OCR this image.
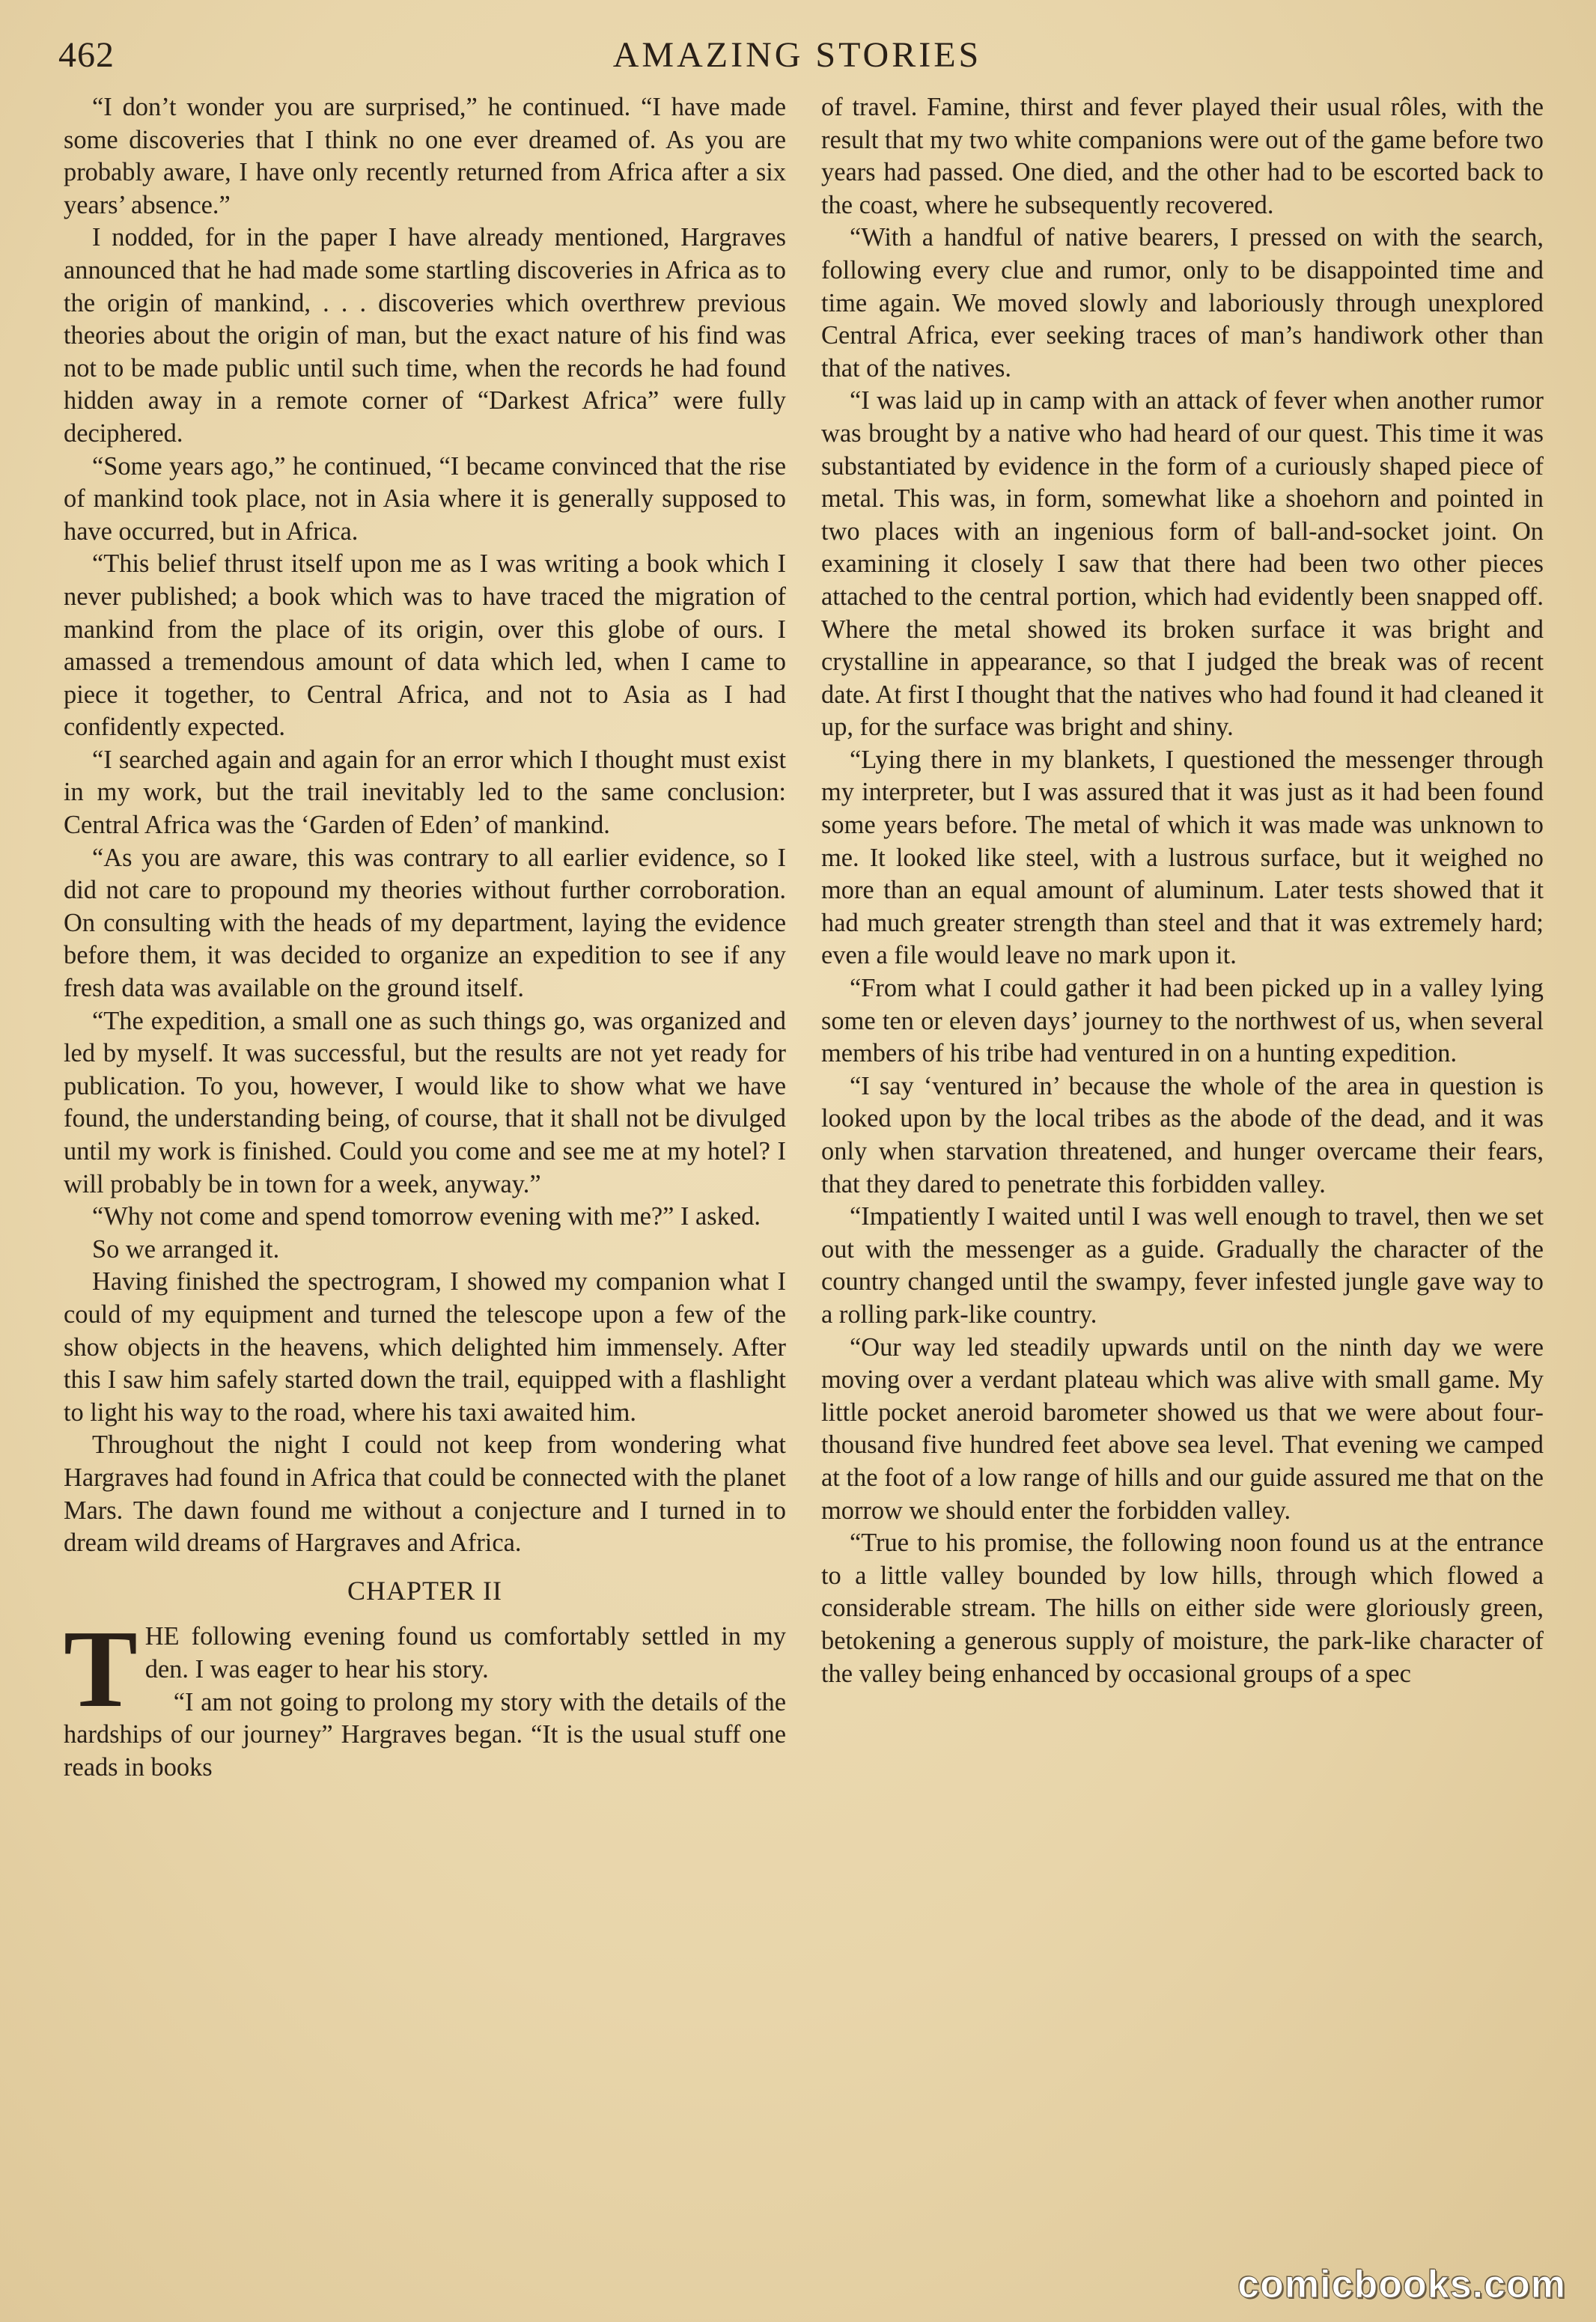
462	AMAZING STORIES

“I don’t wonder you are surprised,” he continued. “I have made some discoveries that I think no one ever dreamed of. As you are probably aware, I have only recently returned from Africa after a six years’ absence.”

I nodded, for in the paper I have already mentioned, Hargraves announced that he had made some startling discoveries in Africa as to the origin of mankind, . . . discoveries which overthrew previous theories about the origin of man, but the exact nature of his find was not to be made public until such time, when the records he had found hidden away in a remote corner of “Darkest Africa” were fully deciphered.

“Some years ago,” he continued, “I became convinced that the rise of mankind took place, not in Asia where it is generally supposed to have occurred, but in Africa.

“This belief thrust itself upon me as I was writing a book which I never published; a book which was to have traced the migration of mankind from the place of its origin, over this globe of ours. I amassed a tremendous amount of data which led, when I came to piece it together, to Central Africa, and not to Asia as I had confidently expected.

“I searched again and again for an error which I thought must exist in my work, but the trail inevitably led to the same conclusion: Central Africa was the ‘Garden of Eden’ of mankind.

“As you are aware, this was contrary to all earlier evidence, so I did not care to propound my theories without further corroboration. On consulting with the heads of my department, laying the evidence before them, it was decided to organize an expedition to see if any fresh data was available on the ground itself.

“The expedition, a small one as such things go, was organized and led by myself. It was successful, but the results are not yet ready for publication. To you, however, I would like to show what we have found, the understanding being, of course, that it shall not be divulged until my work is finished. Could you come and see me at my hotel? I will probably be in town for a week, anyway.”

“Why not come and spend tomorrow evening with me?” I asked.

So we arranged it.

Having finished the spectrogram, I showed my companion what I could of my equipment and turned the telescope upon a few of the show objects in the heavens, which delighted him immensely. After this I saw him safely started down the trail, equipped with a flashlight to light his way to the road, where his taxi awaited him.

Throughout the night I could not keep from wondering what Hargraves had found in Africa that could be connected with the planet Mars. The dawn found me without a conjecture and I turned in to dream wild dreams of Hargraves and Africa.

CHAPTER II

THE following evening found us comfortably settled in my den. I was eager to hear his story.

“I am not going to prolong my story with the details of the hardships of our journey” Hargraves began. “It is the usual stuff one reads in books

of travel. Famine, thirst and fever played their usual rôles, with the result that my two white companions were out of the game before two years had passed. One died, and the other had to be escorted back to the coast, where he subsequently recovered.

“With a handful of native bearers, I pressed on with the search, following every clue and rumor, only to be disappointed time and time again. We moved slowly and laboriously through unexplored Central Africa, ever seeking traces of man’s handiwork other than that of the natives.

“I was laid up in camp with an attack of fever when another rumor was brought by a native who had heard of our quest. This time it was substantiated by evidence in the form of a curiously shaped piece of metal. This was, in form, somewhat like a shoehorn and pointed in two places with an ingenious form of ball-and-socket joint. On examining it closely I saw that there had been two other pieces attached to the central portion, which had evidently been snapped off. Where the metal showed its broken surface it was bright and crystalline in appearance, so that I judged the break was of recent date. At first I thought that the natives who had found it had cleaned it up, for the surface was bright and shiny.

“Lying there in my blankets, I questioned the messenger through my interpreter, but I was assured that it was just as it had been found some years before. The metal of which it was made was unknown to me. It looked like steel, with a lustrous surface, but it weighed no more than an equal amount of aluminum. Later tests showed that it had much greater strength than steel and that it was extremely hard; even a file would leave no mark upon it.

“From what I could gather it had been picked up in a valley lying some ten or eleven days’ journey to the northwest of us, when several members of his tribe had ventured in on a hunting expedition.

“I say ‘ventured in’ because the whole of the area in question is looked upon by the local tribes as the abode of the dead, and it was only when starvation threatened, and hunger overcame their fears, that they dared to penetrate this forbidden valley.

“Impatiently I waited until I was well enough to travel, then we set out with the messenger as a guide. Gradually the character of the country changed until the swampy, fever infested jungle gave way to a rolling park-like country.

“Our way led steadily upwards until on the ninth day we were moving over a verdant plateau which was alive with small game. My little pocket aneroid barometer showed us that we were about four-thousand five hundred feet above sea level. That evening we camped at the foot of a low range of hills and our guide assured me that on the morrow we should enter the forbidden valley.

“True to his promise, the following noon found us at the entrance to a little valley bounded by low hills, through which flowed a considerable stream. The hills on either side were gloriously green, betokening a generous supply of moisture, the park-like character of the valley being enhanced by occasional groups of a spec

comicbooks.com
